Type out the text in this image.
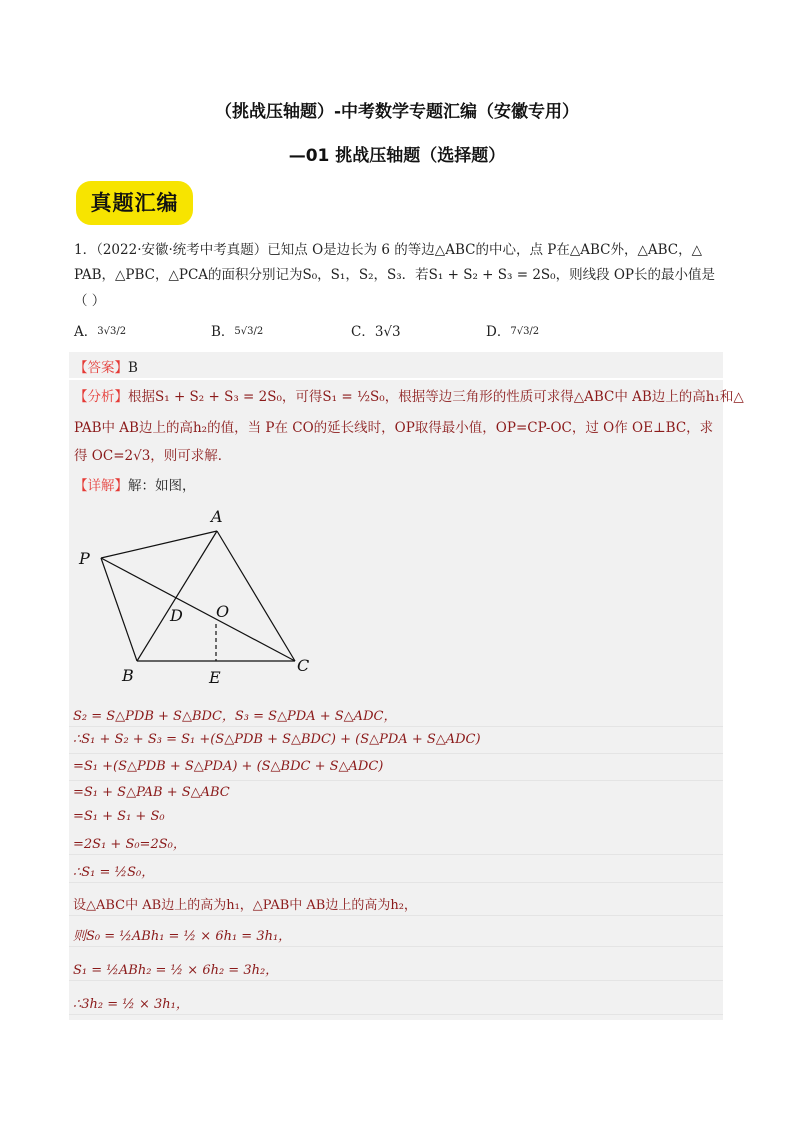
（挑战压轴题）-中考数学专题汇编（安徽专用）
—01 挑战压轴题（选择题）
真题汇编
1．（2022·安徽·统考中考真题）已知点 O是边长为 6 的等边△ABC的中心，点 P在△ABC外，△ABC，△
PAB，△PBC，△PCA的面积分别记为S₀，S₁，S₂，S₃．若S₁ + S₂ + S₃ = 2S₀，则线段 OP长的最小值是
（ ）
A．3√3/2	B．5√3/2	C．3√3	D．7√3/2
【答案】B
【分析】根据S₁ + S₂ + S₃ = 2S₀，可得S₁ = ½S₀，根据等边三角形的性质可求得△ABC中 AB边上的高h₁和△
PAB中 AB边上的高h₂的值，当 P在 CO的延长线时，OP取得最小值，OP=CP-OC，过 O作 OE⊥BC，求
得 OC=2√3，则可求解．
【详解】解：如图，
A
P
D O
B	E
C
S₂ = S△PDB + S△BDC，S₃ = S△PDA + S△ADC，
∴S₁ + S₂ + S₃ = S₁ +(S△PDB + S△BDC) + (S△PDA + S△ADC)
=S₁ +(S△PDB + S△PDA) + (S△BDC + S△ADC)
=S₁ + S△PAB + S△ABC
=S₁ + S₁ + S₀
=2S₁ + S₀=2S₀，
∴S₁ = ½S₀，
设△ABC中 AB边上的高为h₁，△PAB中 AB边上的高为h₂，
则S₀ = ½ABh₁ = ½ × 6h₁ = 3h₁，
S₁ = ½ABh₂ = ½ × 6h₂ = 3h₂，
∴3h₂ = ½ × 3h₁，
